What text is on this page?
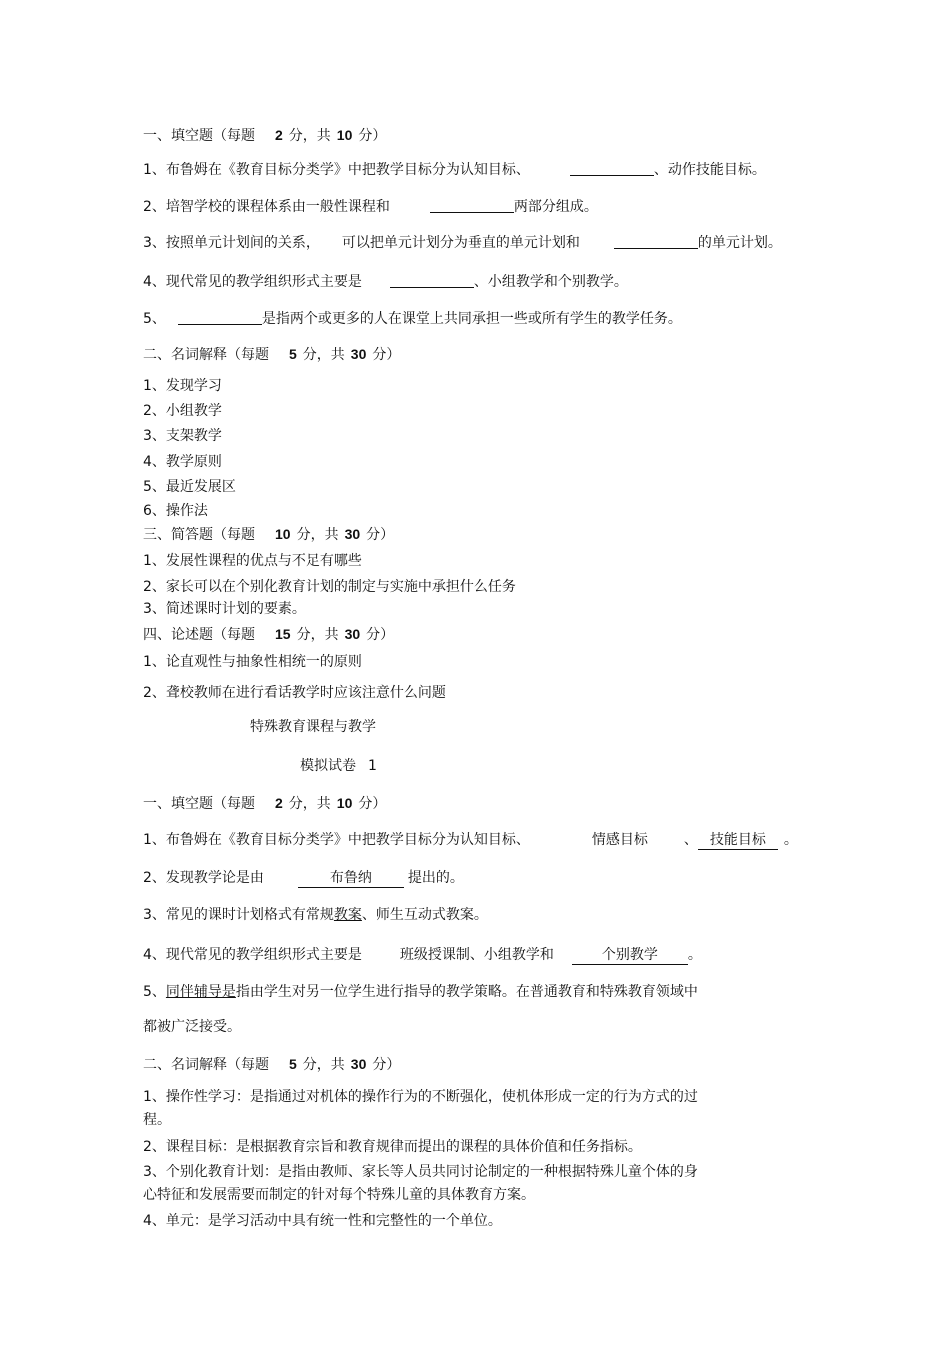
一、填空题（每题 2 分，共 10 分）
1、布鲁姆在《教育目标分类学》中把教学目标分为认知目标、	、动作技能目标。
2、培智学校的课程体系由一般性课程和	两部分组成。
3、按照单元计划间的关系， 可以把单元计划分为垂直的单元计划和	的单元计划。
4、现代常见的教学组织形式主要是	、小组教学和个别教学。
5、	是指两个或更多的人在课堂上共同承担一些或所有学生的教学任务。
二、名词解释（每题 5 分，共 30 分）
1、发现学习
2、小组教学
3、支架教学
4、教学原则
5、最近发展区
6、操作法
三、简答题（每题 10 分，共 30 分）
1、发展性课程的优点与不足有哪些
2、家长可以在个别化教育计划的制定与实施中承担什么任务
3、简述课时计划的要素。
四、论述题（每题 15 分，共 30 分）
1、论直观性与抽象性相统一的原则
2、聋校教师在进行看话教学时应该注意什么问题
特殊教育课程与教学
模拟试卷 1
一、填空题（每题 2 分，共 10 分）
1、布鲁姆在《教育目标分类学》中把教学目标分为认知目标、	情感目标	、 技能目标 。
2、发现教学论是由	布鲁纳	提出的。
3、常见的课时计划格式有常规教案、师生互动式教案。
4、现代常见的教学组织形式主要是	班级授课制、小组教学和	个别教学 。
5、同伴辅导是指由学生对另一位学生进行指导的教学策略。在普通教育和特殊教育领域中
都被广泛接受。
二、名词解释（每题 5 分，共 30 分）
1、操作性学习：是指通过对机体的操作行为的不断强化，使机体形成一定的行为方式的过
程。
2、课程目标：是根据教育宗旨和教育规律而提出的课程的具体价值和任务指标。
3、个别化教育计划：是指由教师、家长等人员共同讨论制定的一种根据特殊儿童个体的身
心特征和发展需要而制定的针对每个特殊儿童的具体教育方案。
4、单元：是学习活动中具有统一性和完整性的一个单位。
